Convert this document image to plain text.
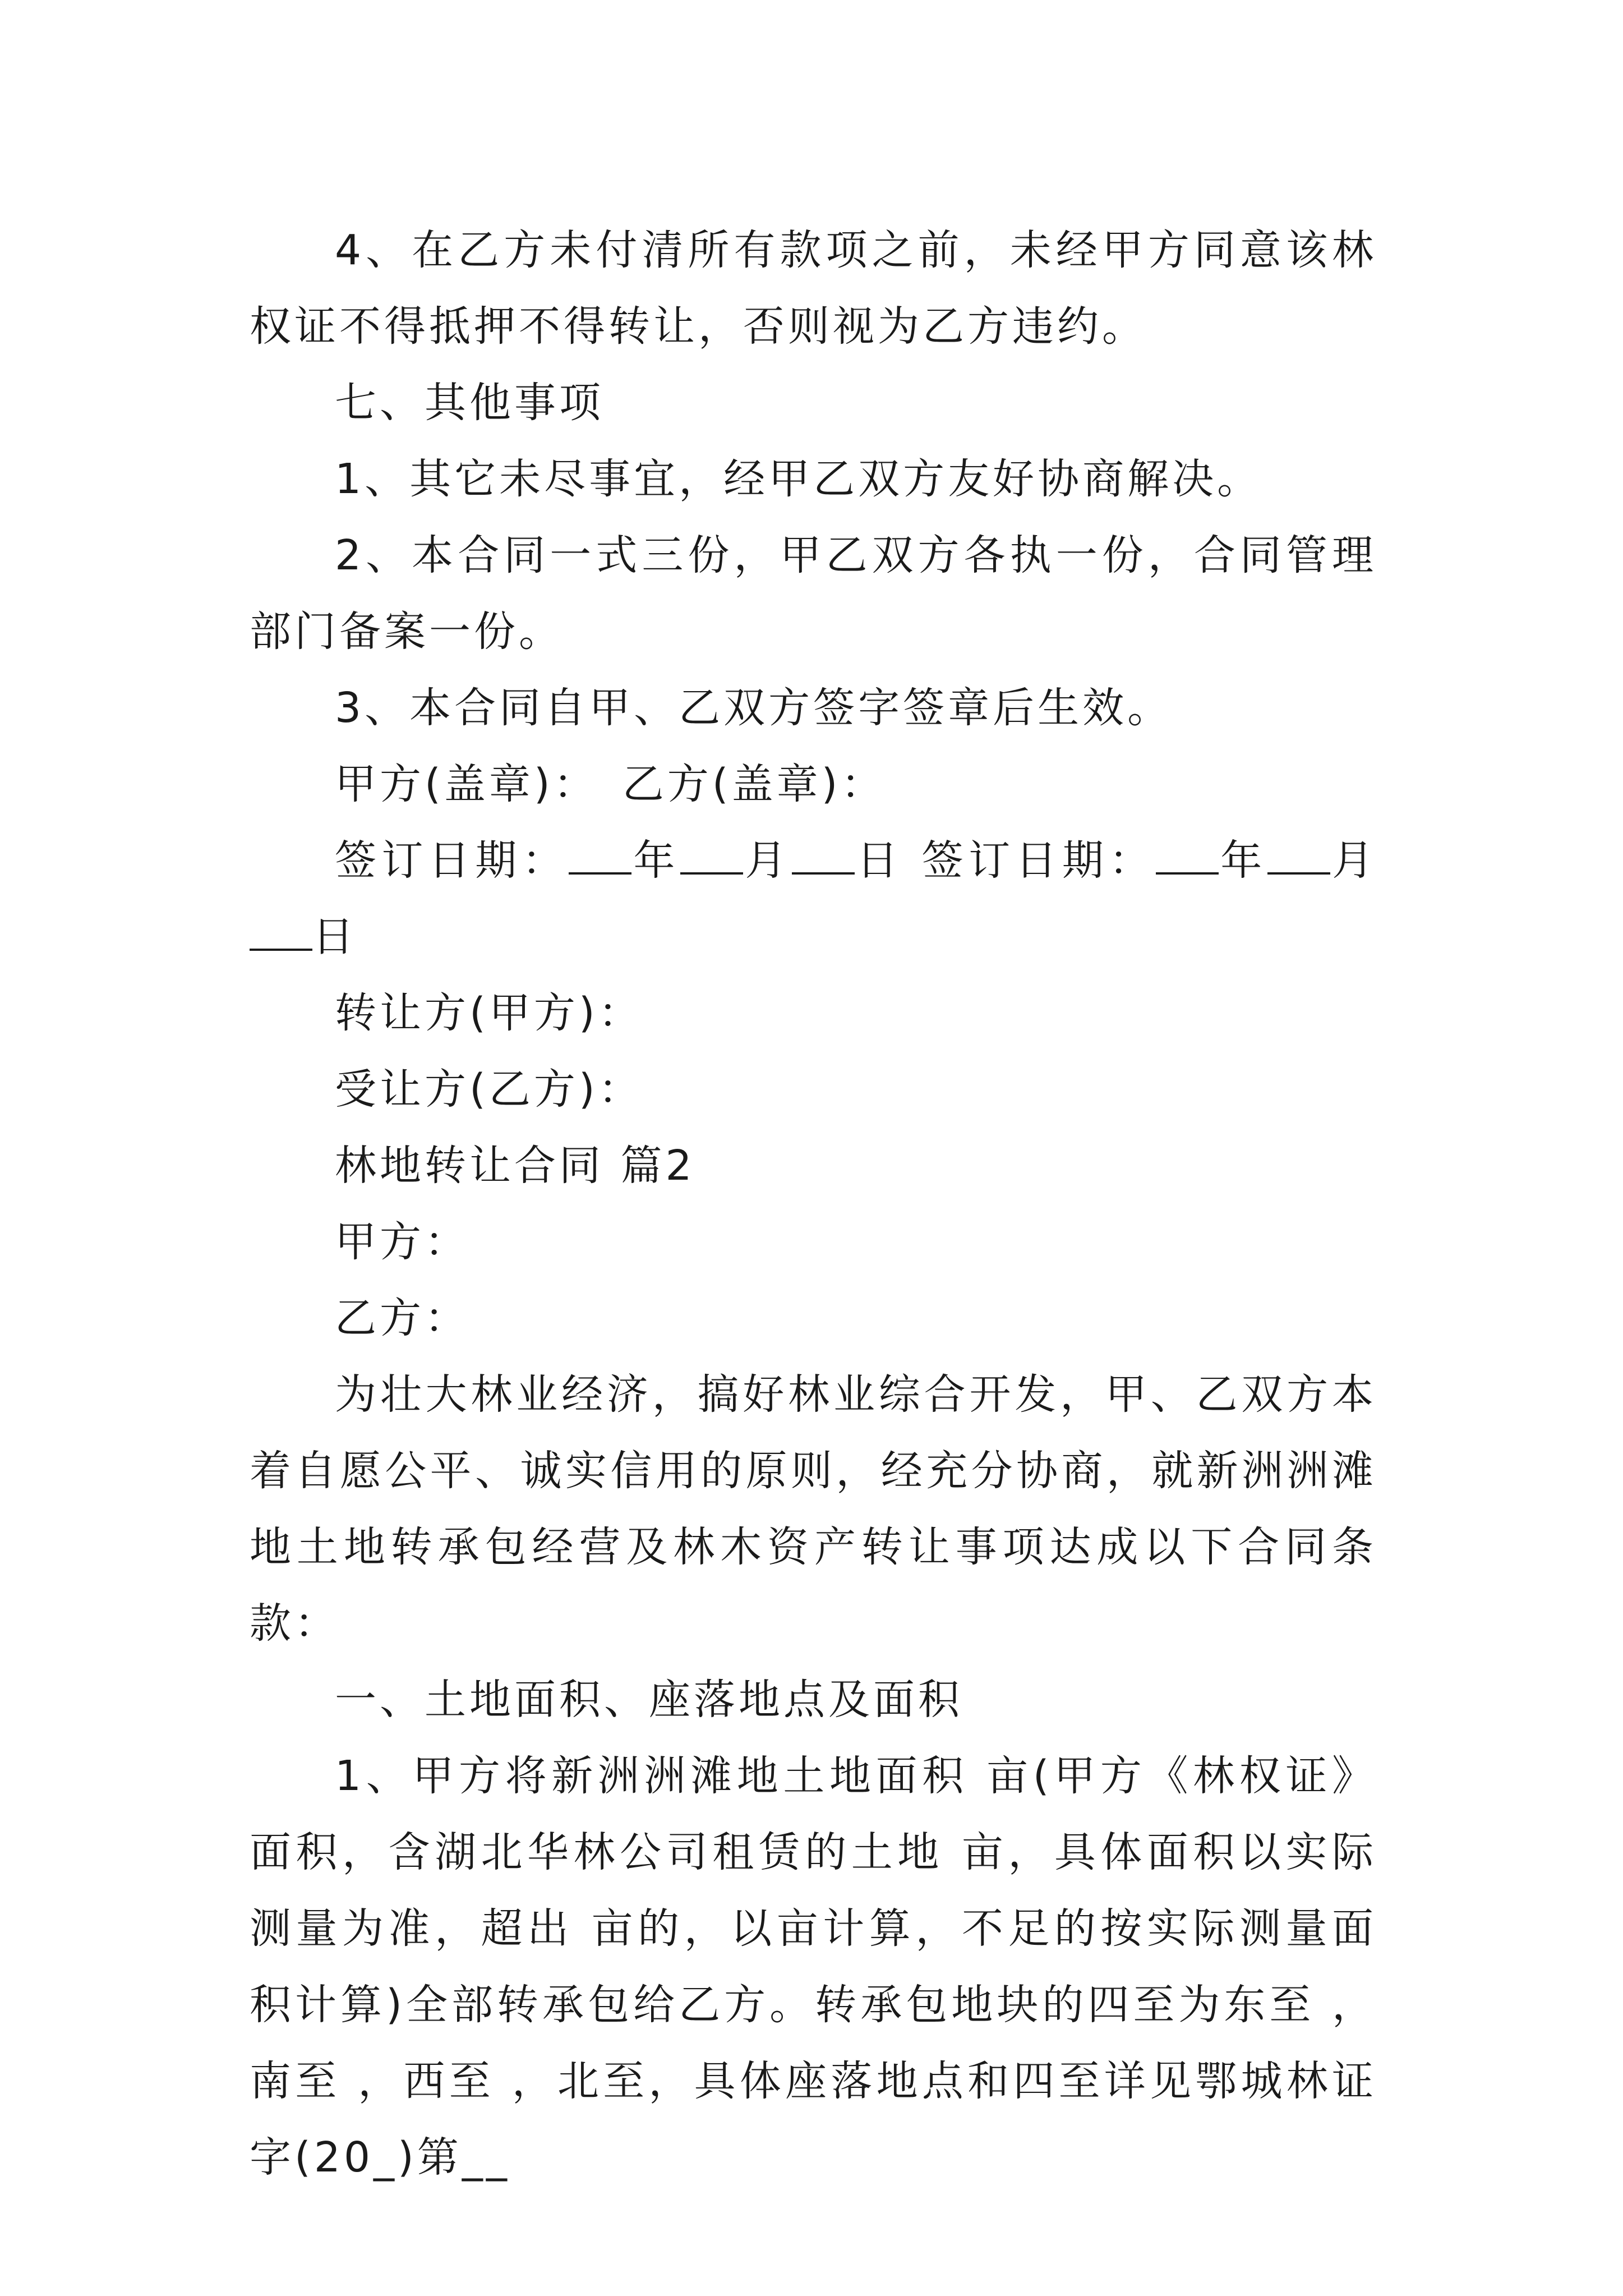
4、在乙方未付清所有款项之前，未经甲方同意该林权证不得抵押不得转让，否则视为乙方违约。

七、其他事项

1、其它未尽事宜，经甲乙双方友好协商解决。

2、本合同一式三份，甲乙双方各执一份，合同管理部门备案一份。

3、本合同自甲、乙双方签字签章后生效。

甲方(盖章)：　乙方(盖章)：

签订日期： 年 月 日 签订日期： 年 月日

转让方(甲方)：

受让方(乙方)：

林地转让合同 篇2

甲方：

乙方：

为壮大林业经济，搞好林业综合开发，甲、乙双方本着自愿公平、诚实信用的原则，经充分协商，就新洲洲滩地土地转承包经营及林木资产转让事项达成以下合同条款：

一、土地面积、座落地点及面积

1、甲方将新洲洲滩地土地面积 亩(甲方《林权证》面积，含湖北华林公司租赁的土地 亩，具体面积以实际测量为准，超出 亩的，以亩计算，不足的按实际测量面积计算)全部转承包给乙方。转承包地块的四至为东至 ，南至 ，西至 ，北至，具体座落地点和四至详见鄂城林证字(20_)第__
